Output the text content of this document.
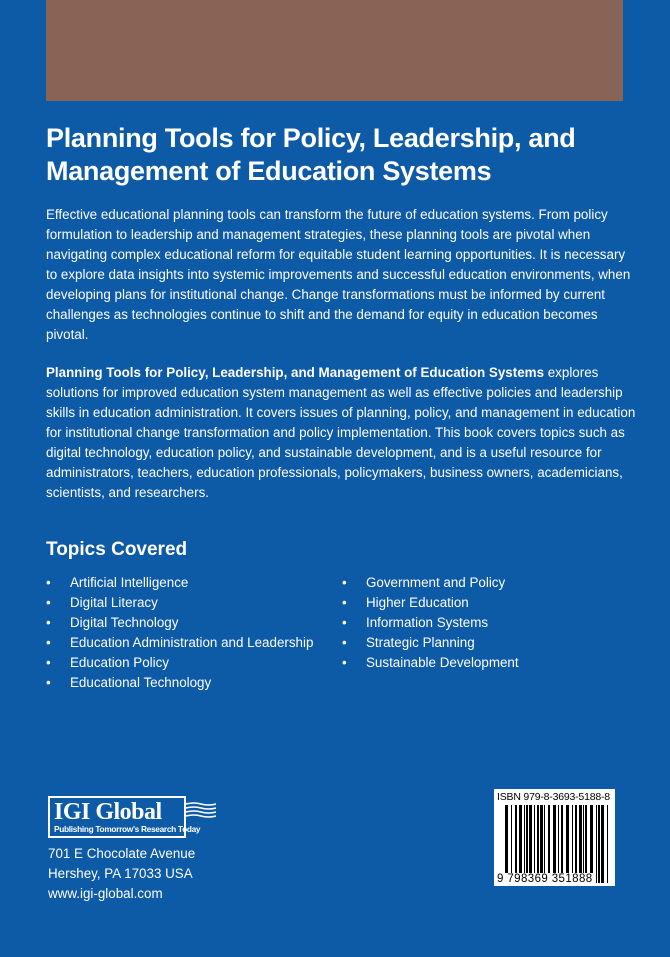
Planning Tools for Policy, Leadership, and Management of Education Systems

Effective educational planning tools can transform the future of education systems. From policy formulation to leadership and management strategies, these planning tools are pivotal when navigating complex educational reform for equitable student learning opportunities. It is necessary to explore data insights into systemic improvements and successful education environments, when developing plans for institutional change. Change transformations must be informed by current challenges as technologies continue to shift and the demand for equity in education becomes pivotal.

Planning Tools for Policy, Leadership, and Management of Education Systems explores solutions for improved education system management as well as effective policies and leadership skills in education administration. It covers issues of planning, policy, and management in education for institutional change transformation and policy implementation. This book covers topics such as digital technology, education policy, and sustainable development, and is a useful resource for administrators, teachers, education professionals, policymakers, business owners, academicians, scientists, and researchers.

Topics Covered
• Artificial Intelligence
• Digital Literacy
• Digital Technology
• Education Administration and Leadership
• Education Policy
• Educational Technology
• Government and Policy
• Higher Education
• Information Systems
• Strategic Planning
• Sustainable Development
IGI Global
Publishing Tomorrow's Research Today
701 E Chocolate Avenue
Hershey, PA 17033 USA
www.igi-global.com
ISBN 979-8-3693-5188-8
9 798369 351888
